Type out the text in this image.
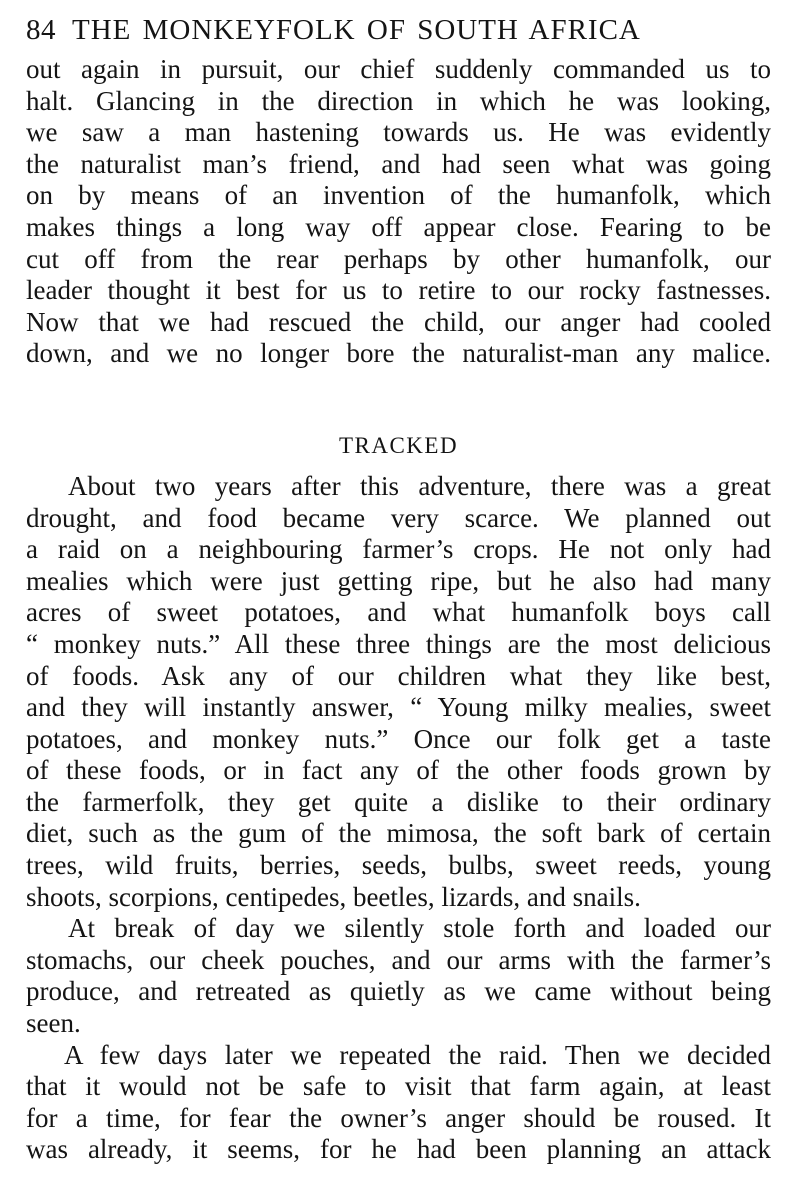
84 THE MONKEYFOLK OF SOUTH AFRICA
out again in pursuit, our chief suddenly commanded us to
halt. Glancing in the direction in which he was looking,
we saw a man hastening towards us. He was evidently
the naturalist man’s friend, and had seen what was going
on by means of an invention of the humanfolk, which
makes things a long way off appear close. Fearing to be
cut off from the rear perhaps by other humanfolk, our
leader thought it best for us to retire to our rocky fastnesses.
Now that we had rescued the child, our anger had cooled
down, and we no longer bore the naturalist-man any malice.
TRACKED
About two years after this adventure, there was a great
drought, and food became very scarce. We planned out
a raid on a neighbouring farmer’s crops. He not only had
mealies which were just getting ripe, but he also had many
acres of sweet potatoes, and what humanfolk boys call
“ monkey nuts.” All these three things are the most delicious
of foods. Ask any of our children what they like best,
and they will instantly answer, “ Young milky mealies, sweet
potatoes, and monkey nuts.” Once our folk get a taste
of these foods, or in fact any of the other foods grown by
the farmerfolk, they get quite a dislike to their ordinary
diet, such as the gum of the mimosa, the soft bark of certain
trees, wild fruits, berries, seeds, bulbs, sweet reeds, young
shoots, scorpions, centipedes, beetles, lizards, and snails.
At break of day we silently stole forth and loaded our
stomachs, our cheek pouches, and our arms with the farmer’s
produce, and retreated as quietly as we came without being
seen.
A few days later we repeated the raid. Then we decided
that it would not be safe to visit that farm again, at least
for a time, for fear the owner’s anger should be roused. It
was already, it seems, for he had been planning an attack
